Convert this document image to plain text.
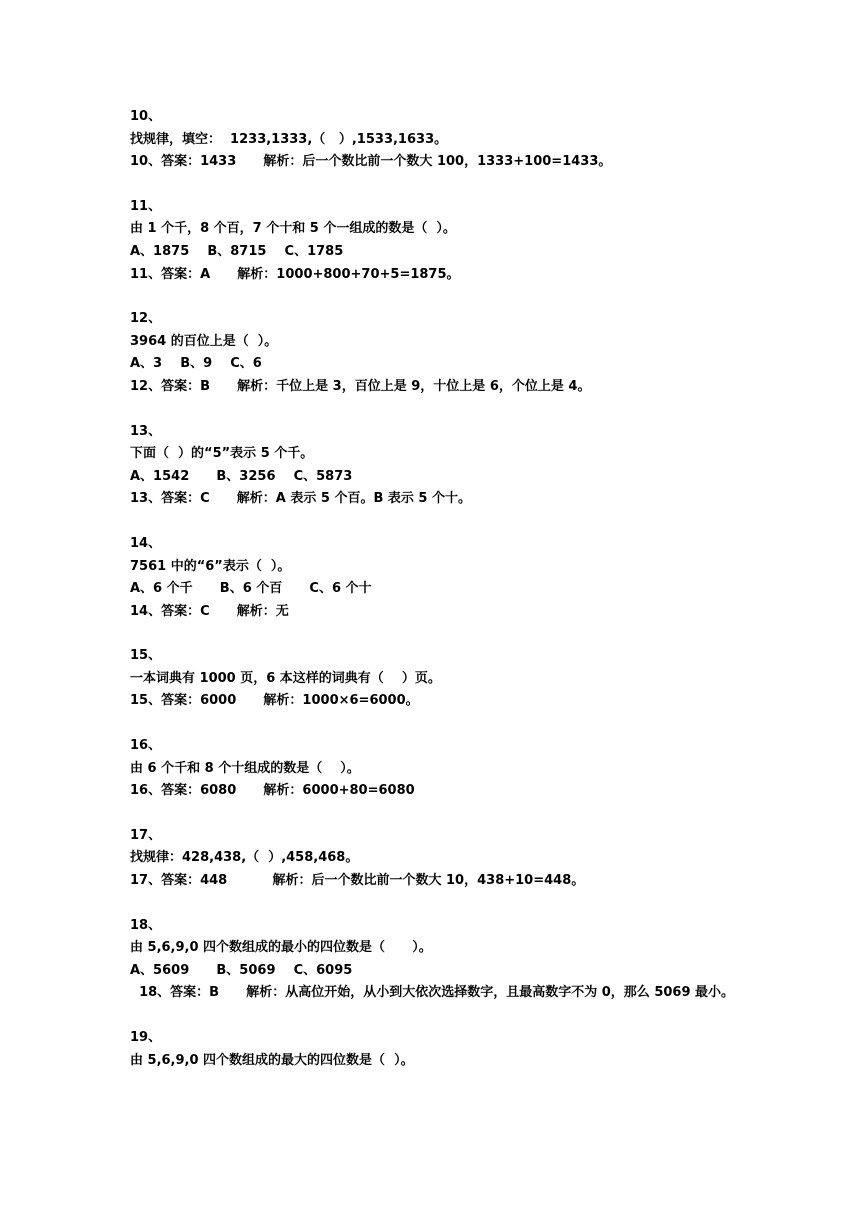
10、
找规律，填空：  1233,1333,（   ）,1533,1633。
10、答案：1433      解析：后一个数比前一个数大 100，1333+100=1433。
11、
由 1 个千，8 个百，7 个十和 5 个一组成的数是（  ）。
A、1875    B、8715    C、1785
11、答案：A      解析：1000+800+70+5=1875。
12、
3964 的百位上是（  ）。
A、3    B、9    C、6
12、答案：B      解析：千位上是 3，百位上是 9，十位上是 6，个位上是 4。
13、
下面（  ）的“5”表示 5 个千。
A、1542      B、3256    C、5873
13、答案：C      解析：A 表示 5 个百。B 表示 5 个十。
14、
7561 中的“6”表示（  ）。
A、6 个千      B、6 个百      C、6 个十
14、答案：C      解析：无
15、
一本词典有 1000 页，6 本这样的词典有（    ）页。
15、答案：6000      解析：1000×6=6000。
16、
由 6 个千和 8 个十组成的数是（    ）。
16、答案：6080      解析：6000+80=6080
17、
找规律：428,438,（  ）,458,468。
17、答案：448          解析：后一个数比前一个数大 10，438+10=448。
18、
由 5,6,9,0 四个数组成的最小的四位数是（      ）。
A、5609      B、5069    C、6095
18、答案：B      解析：从高位开始，从小到大依次选择数字，且最高数字不为 0，那么 5069 最小。
19、
由 5,6,9,0 四个数组成的最大的四位数是（  ）。
